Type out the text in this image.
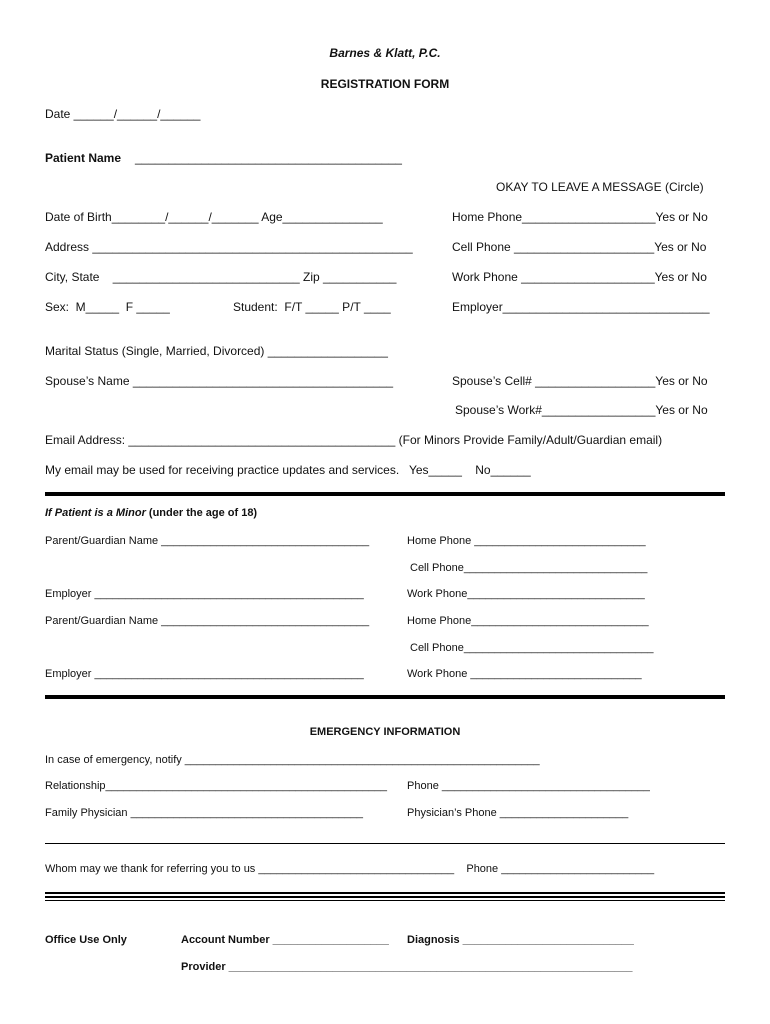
Barnes & Klatt, P.C.
REGISTRATION FORM
Date ______/______/______
Patient Name ________________________________________
OKAY TO LEAVE A MESSAGE (Circle)
Date of Birth________/______/_______ Age_______________	Home Phone____________________Yes or No
Address ________________________________________________	Cell Phone _____________________Yes or No
City, State    ____________________________ Zip ___________	Work Phone ____________________Yes or No
Sex:  M_____  F _____	Student:  F/T _____ P/T ____	Employer_______________________________
Marital Status (Single, Married, Divorced) __________________
Spouse’s Name _______________________________________	Spouse’s Cell# __________________Yes or No
Spouse’s Work#_________________Yes or No
Email Address: ________________________________________ (For Minors Provide Family/Adult/Guardian email)
My email may be used for receiving practice updates and services.   Yes_____    No______
If Patient is a Minor (under the age of 18)
Parent/Guardian Name __________________________________	Home Phone ____________________________
Cell Phone______________________________
Employer ____________________________________________	Work Phone_____________________________
Parent/Guardian Name __________________________________	Home Phone_____________________________
Cell Phone_______________________________
Employer ____________________________________________	Work Phone ____________________________
EMERGENCY INFORMATION
In case of emergency, notify __________________________________________________________
Relationship______________________________________________ Phone __________________________________
Family Physician ______________________________________	Physician’s Phone _____________________
Whom may we thank for referring you to us ________________________________    Phone _________________________
Office Use Only	Account Number ___________________ Diagnosis ____________________________
Provider __________________________________________________________________
